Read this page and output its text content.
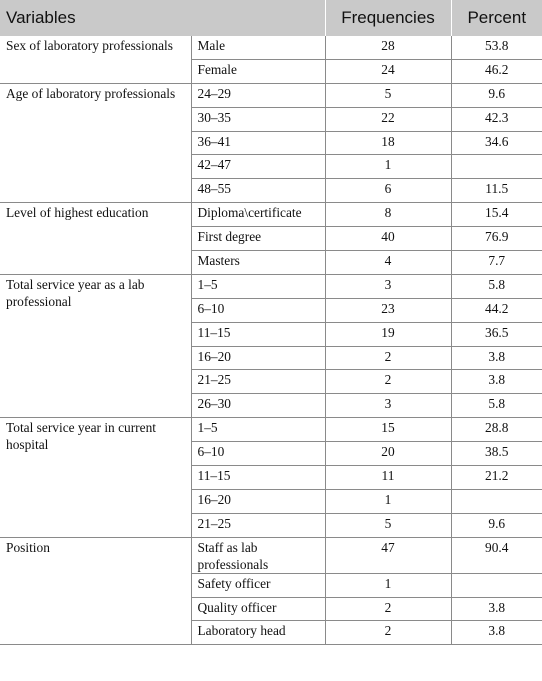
Variables		Frequencies	Percent
Sex of laboratory professionals	Male	28	53.8
	Female	24	46.2
Age of laboratory professionals	24–29	5	9.6
	30–35	22	42.3
	36–41	18	34.6
	42–47	1	
	48–55	6	11.5
Level of highest education	Diploma\certificate	8	15.4
	First degree	40	76.9
	Masters	4	7.7
Total service year as a lab professional	1–5	3	5.8
	6–10	23	44.2
	11–15	19	36.5
	16–20	2	3.8
	21–25	2	3.8
	26–30	3	5.8
Total service year in current hospital	1–5	15	28.8
	6–10	20	38.5
	11–15	11	21.2
	16–20	1	
	21–25	5	9.6
Position	Staff as lab professionals	47	90.4
	Safety officer	1	
	Quality officer	2	3.8
	Laboratory head	2	3.8
